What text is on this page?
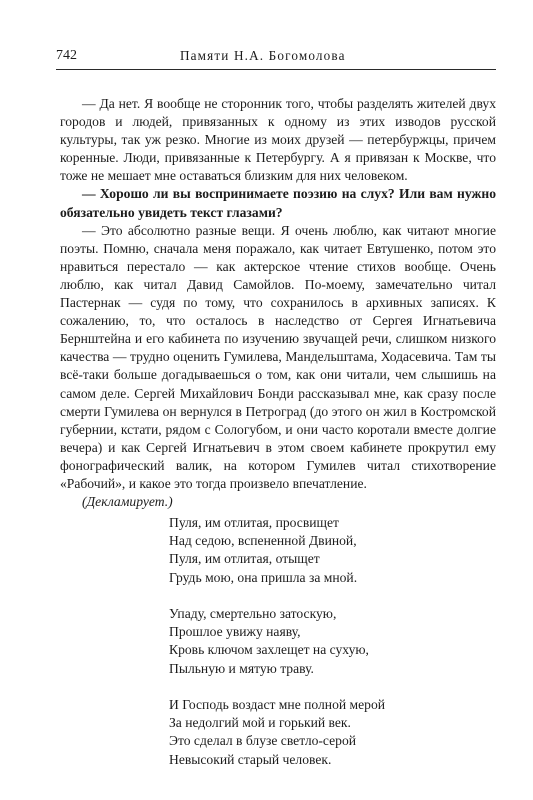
742	Памяти Н.А. Богомолова

— Да нет. Я вообще не сторонник того, чтобы разделять жителей двух городов и людей, привязанных к одному из этих изводов русской культуры, так уж резко. Многие из моих друзей — петербуржцы, причем коренные. Люди, привязанные к Петербургу. А я привязан к Москве, что тоже не мешает мне оставаться близким для них человеком.

— Хорошо ли вы воспринимаете поэзию на слух? Или вам нужно обязательно увидеть текст глазами?

— Это абсолютно разные вещи. Я очень люблю, как читают многие поэты. Помню, сначала меня поражало, как читает Евтушенко, потом это нравиться перестало — как актерское чтение стихов вообще. Очень люблю, как читал Давид Самойлов. По-моему, замечательно читал Пастернак — судя по тому, что сохранилось в архивных записях. К сожалению, то, что осталось в наследство от Сергея Игнатьевича Бернштейна и его кабинета по изучению звучащей речи, слишком низкого качества — трудно оценить Гумилева, Мандельштама, Ходасевича. Там ты всё-таки больше догадываешься о том, как они читали, чем слышишь на самом деле. Сергей Михайлович Бонди рассказывал мне, как сразу после смерти Гумилева он вернулся в Петроград (до этого он жил в Костромской губернии, кстати, рядом с Сологубом, и они часто коротали вместе долгие вечера) и как Сергей Игнатьевич в этом своем кабинете прокрутил ему фонографический валик, на котором Гумилев читал стихотворение «Рабочий», и какое это тогда произвело впечатление.

(Декламирует.)

Пуля, им отлитая, просвищет
Над седою, вспененной Двиной,
Пуля, им отлитая, отыщет
Грудь мою, она пришла за мной.
Упаду, смертельно затоскую,
Прошлое увижу наяву,
Кровь ключом захлещет на сухую,
Пыльную и мятую траву.
И Господь воздаст мне полной мерой
За недолгий мой и горький век.
Это сделал в блузе светло-серой
Невысокий старый человек.
